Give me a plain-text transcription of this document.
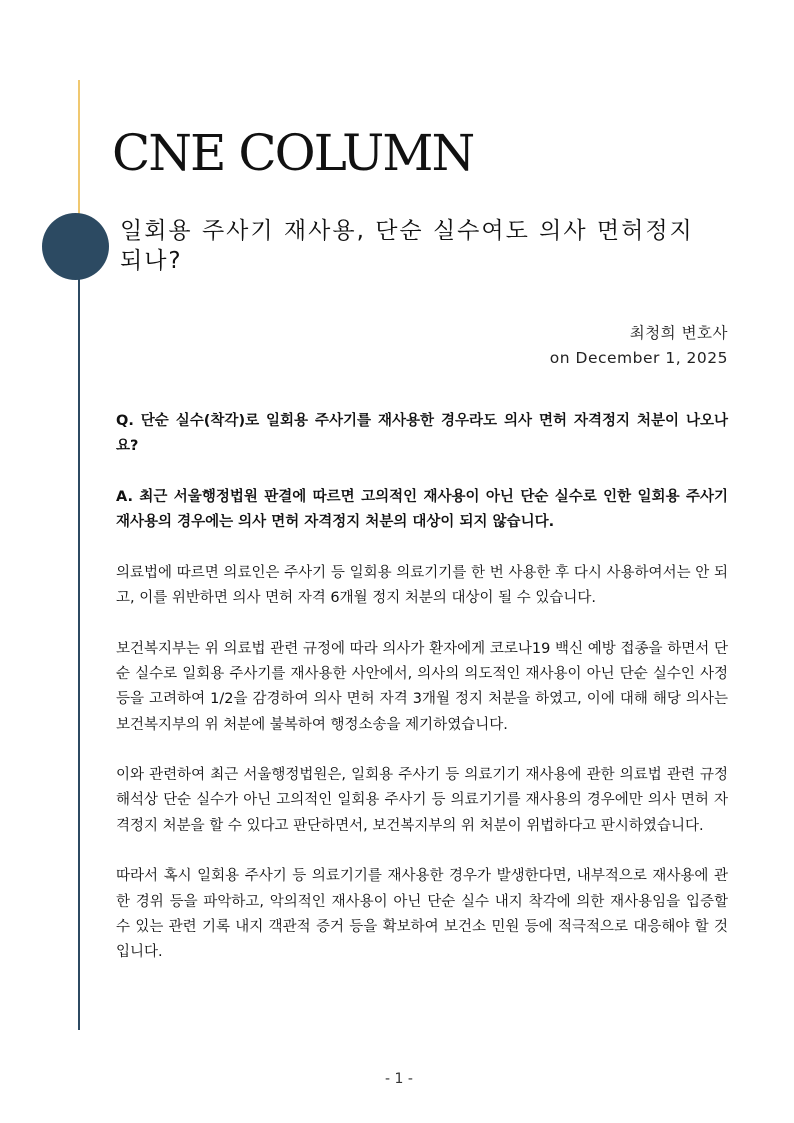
CNE COLUMN
일회용 주사기 재사용, 단순 실수여도 의사 면허정지 되나?
최청희 변호사
on December 1, 2025

Q. 단순 실수(착각)로 일회용 주사기를 재사용한 경우라도 의사 면허 자격정지 처분이 나오나요?

A. 최근 서울행정법원 판결에 따르면 고의적인 재사용이 아닌 단순 실수로 인한 일회용 주사기 재사용의 경우에는 의사 면허 자격정지 처분의 대상이 되지 않습니다.

의료법에 따르면 의료인은 주사기 등 일회용 의료기기를 한 번 사용한 후 다시 사용하여서는 안 되고, 이를 위반하면 의사 면허 자격 6개월 정지 처분의 대상이 될 수 있습니다.

보건복지부는 위 의료법 관련 규정에 따라 의사가 환자에게 코로나19 백신 예방 접종을 하면서 단순 실수로 일회용 주사기를 재사용한 사안에서, 의사의 의도적인 재사용이 아닌 단순 실수인 사정 등을 고려하여 1/2을 감경하여 의사 면허 자격 3개월 정지 처분을 하였고, 이에 대해 해당 의사는 보건복지부의 위 처분에 불복하여 행정소송을 제기하였습니다.

이와 관련하여 최근 서울행정법원은, 일회용 주사기 등 의료기기 재사용에 관한 의료법 관련 규정 해석상 단순 실수가 아닌 고의적인 일회용 주사기 등 의료기기를 재사용의 경우에만 의사 면허 자격정지 처분을 할 수 있다고 판단하면서, 보건복지부의 위 처분이 위법하다고 판시하였습니다.

따라서 혹시 일회용 주사기 등 의료기기를 재사용한 경우가 발생한다면, 내부적으로 재사용에 관한 경위 등을 파악하고, 악의적인 재사용이 아닌 단순 실수 내지 착각에 의한 재사용임을 입증할 수 있는 관련 기록 내지 객관적 증거 등을 확보하여 보건소 민원 등에 적극적으로 대응해야 할 것입니다.

- 1 -
